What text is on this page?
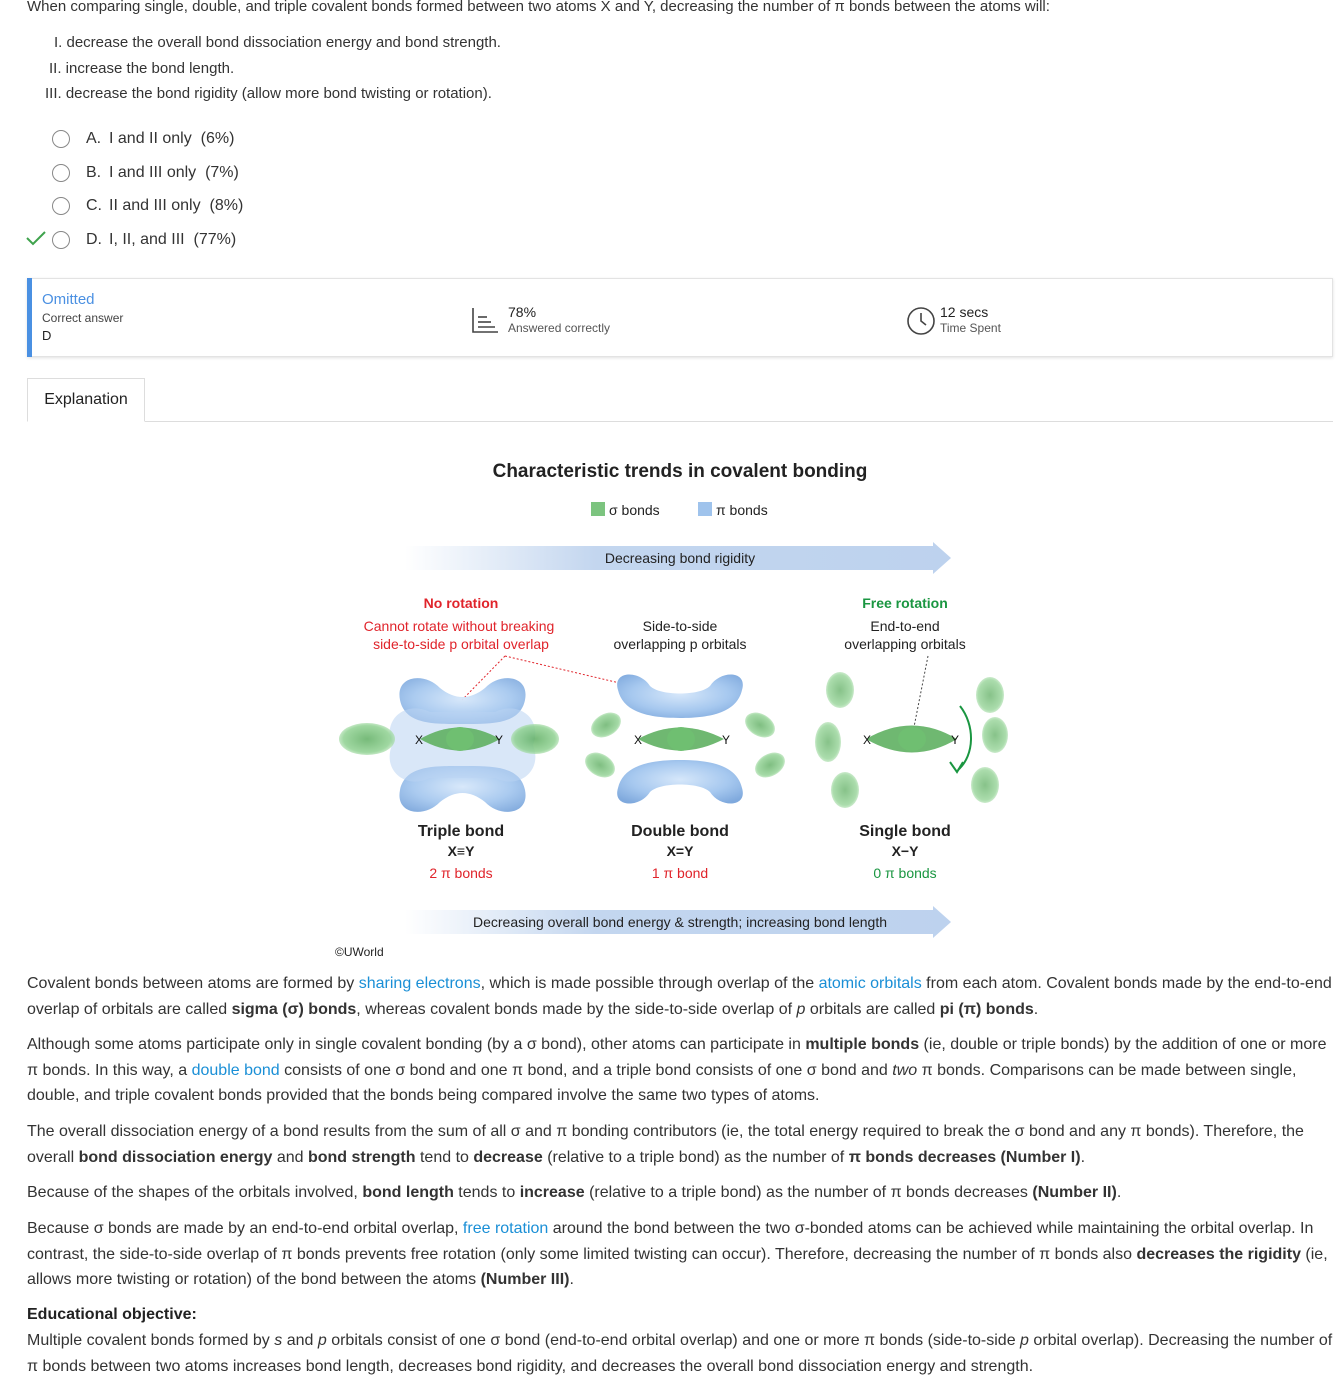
When comparing single, double, and triple covalent bonds formed between two atoms X and Y, decreasing the number of π bonds between the atoms will:
I. decrease the overall bond dissociation energy and bond strength.
II. increase the bond length.
III. decrease the bond rigidity (allow more bond twisting or rotation).
A. I and II only
(6%)
B. I and III only
(7%)
C. II and III only
(8%)
D. I, II, and III
(77%)
Omitted
Correct answer
D
78%
Answered correctly
12 secs
Time Spent
Explanation
Characteristic trends in covalent bonding
σ bonds	π bonds
Decreasing bond rigidity
No rotation
Cannot rotate without breaking
side-to-side p orbital overlap
Side-to-side
overlapping p orbitals
Free rotation
End-to-end
overlapping orbitals
X	Y	X	Y	X	Y
Triple bond
X≡Y
2 π bonds
Double bond
X=Y
1 π bond
Single bond
X−Y
0 π bonds
Decreasing overall bond energy & strength; increasing bond length
©UWorld
Covalent bonds between atoms are formed by sharing electrons, which is made possible through overlap of the atomic orbitals from each atom. Covalent bonds made by the end-to-end overlap of orbitals are called sigma (σ) bonds, whereas covalent bonds made by the side-to-side overlap of p orbitals are called pi (π) bonds.
Although some atoms participate only in single covalent bonding (by a σ bond), other atoms can participate in multiple bonds (ie, double or triple bonds) by the addition of one or more π bonds. In this way, a double bond consists of one σ bond and one π bond, and a triple bond consists of one σ bond and two π bonds. Comparisons can be made between single, double, and triple covalent bonds provided that the bonds being compared involve the same two types of atoms.
The overall dissociation energy of a bond results from the sum of all σ and π bonding contributors (ie, the total energy required to break the σ bond and any π bonds). Therefore, the overall bond dissociation energy and bond strength tend to decrease (relative to a triple bond) as the number of π bonds decreases (Number I).
Because of the shapes of the orbitals involved, bond length tends to increase (relative to a triple bond) as the number of π bonds decreases (Number II).
Because σ bonds are made by an end-to-end orbital overlap, free rotation around the bond between the two σ-bonded atoms can be achieved while maintaining the orbital overlap. In contrast, the side-to-side overlap of π bonds prevents free rotation (only some limited twisting can occur). Therefore, decreasing the number of π bonds also decreases the rigidity (ie, allows more twisting or rotation) of the bond between the atoms (Number III).
Educational objective:
Multiple covalent bonds formed by s and p orbitals consist of one σ bond (end-to-end orbital overlap) and one or more π bonds (side-to-side p orbital overlap). Decreasing the number of π bonds between two atoms increases bond length, decreases bond rigidity, and decreases the overall bond dissociation energy and strength.
